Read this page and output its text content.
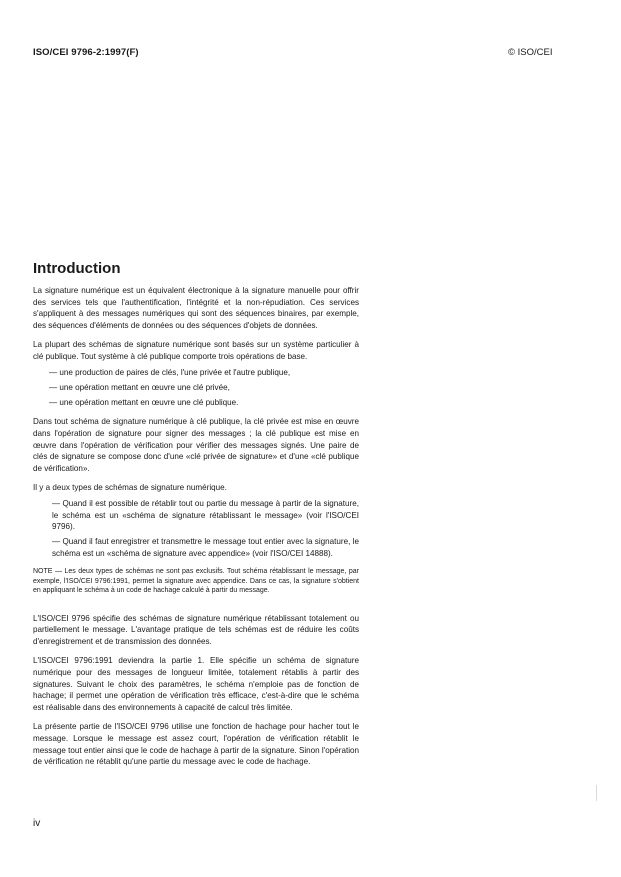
ISO/CEI 9796-2:1997(F)	© ISO/CEI
Introduction

La signature numérique est un équivalent électronique à la signature manuelle pour offrir des services tels que l'authentification, l'intégrité et la non-répudiation. Ces services s'appliquent à des messages numériques qui sont des séquences binaires, par exemple, des séquences d'éléments de données ou des séquences d'objets de données.

La plupart des schémas de signature numérique sont basés sur un système particulier à clé publique. Tout système à clé publique comporte trois opérations de base.

— une production de paires de clés, l'une privée et l'autre publique,
— une opération mettant en œuvre une clé privée,
— une opération mettant en œuvre une clé publique.

Dans tout schéma de signature numérique à clé publique, la clé privée est mise en œuvre dans l'opération de signature pour signer des messages ; la clé publique est mise en œuvre dans l'opération de vérification pour vérifier des messages signés. Une paire de clés de signature se compose donc d'une «clé privée de signature» et d'une «clé publique de vérification».

Il y a deux types de schémas de signature numérique.

— Quand il est possible de rétablir tout ou partie du message à partir de la signature, le schéma est un «schéma de signature rétablissant le message» (voir l'ISO/CEI 9796).
— Quand il faut enregistrer et transmettre le message tout entier avec la signature, le schéma est un «schéma de signature avec appendice» (voir l'ISO/CEI 14888).

NOTE — Les deux types de schémas ne sont pas exclusifs. Tout schéma rétablissant le message, par exemple, l'ISO/CEI 9796:1991, permet la signature avec appendice. Dans ce cas, la signature s'obtient en appliquant le schéma à un code de hachage calculé à partir du message.

L'ISO/CEI 9796 spécifie des schémas de signature numérique rétablissant totalement ou partiellement le message. L'avantage pratique de tels schémas est de réduire les coûts d'enregistrement et de transmission des données.

L'ISO/CEI 9796:1991 deviendra la partie 1. Elle spécifie un schéma de signature numérique pour des messages de longueur limitée, totalement rétablis à partir des signatures. Suivant le choix des paramètres, le schéma n'emploie pas de fonction de hachage; il permet une opération de vérification très efficace, c'est-à-dire que le schéma est réalisable dans des environnements à capacité de calcul très limitée.

La présente partie de l'ISO/CEI 9796 utilise une fonction de hachage pour hacher tout le message. Lorsque le message est assez court, l'opération de vérification rétablit le message tout entier ainsi que le code de hachage à partir de la signature. Sinon l'opération de vérification ne rétablit qu'une partie du message avec le code de hachage.

iv
